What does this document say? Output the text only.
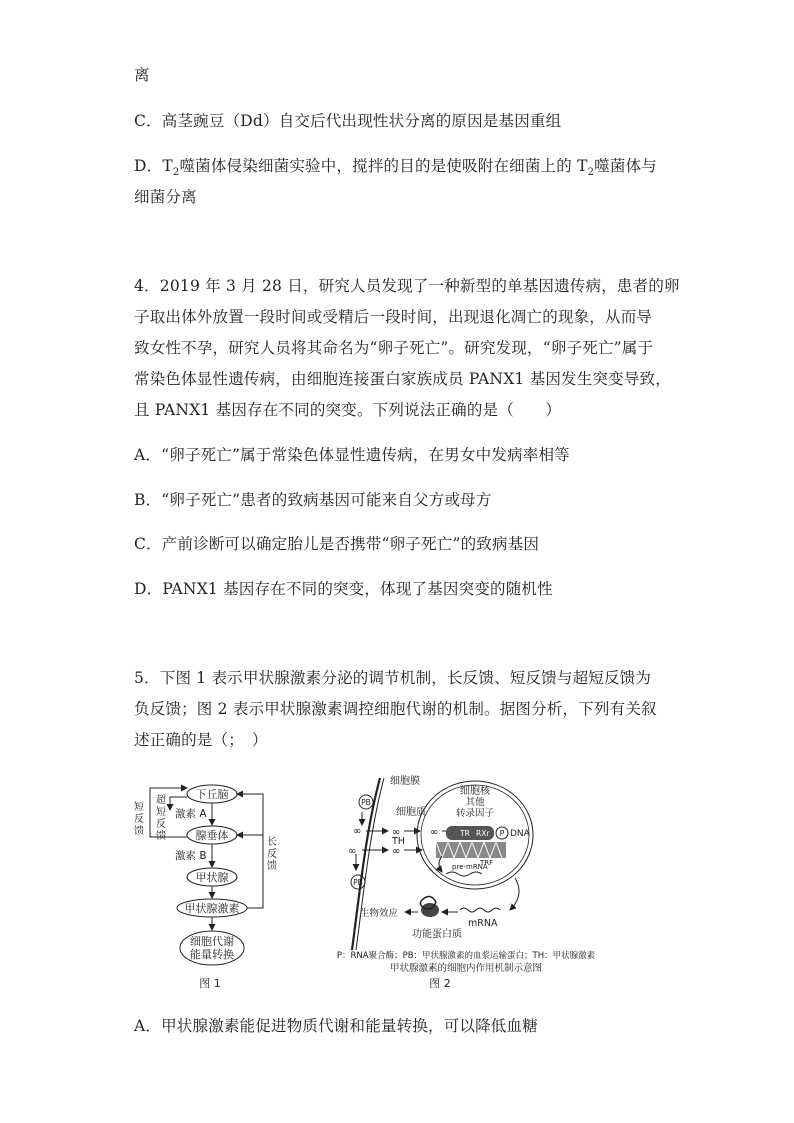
离
C．高茎豌豆（Dd）自交后代出现性状分离的原因是基因重组
D．$T_2$噬菌体侵染细菌实验中，搅拌的目的是使吸附在细菌上的 $T_2$噬菌体与
细菌分离
4．2019 年 3 月 28 日，研究人员发现了一种新型的单基因遗传病，患者的卵
子取出体外放置一段时间或受精后一段时间，出现退化凋亡的现象，从而导
致女性不孕，研究人员将其命名为“卵子死亡”。研究发现，“卵子死亡”属于
常染色体显性遗传病，由细胞连接蛋白家族成员 PANX1 基因发生突变导致，
且 PANX1 基因存在不同的突变。下列说法正确的是（　　）
A．“卵子死亡”属于常染色体显性遗传病，在男女中发病率相等
B．“卵子死亡”患者的致病基因可能来自父方或母方
C．产前诊断可以确定胎儿是否携带“卵子死亡”的致病基因
D．PANX1 基因存在不同的突变，体现了基因突变的随机性
5．下图 1 表示甲状腺激素分泌的调节机制，长反馈、短反馈与超短反馈为
负反馈；图 2 表示甲状腺激素调控细胞代谢的机制。据图分析，下列有关叙
述正确的是（；　）
下丘脑
腺垂体
甲状腺
甲状腺激素
细胞代谢
能量转换
激素 A
激素 B
超
短
反
馈
短
反
馈
长
反
馈
图 1
细胞膜
细胞质
PB
PB
∞	∞
∞	∞
TH
细胞核
其他
转录因子
∞	TR RXr P DNA
TRF
pre-mRNA
mRNA
生物效应
功能蛋白质
P：RNA聚合酶；PB：甲状腺激素的血浆运输蛋白；TH：甲状腺激素
甲状腺激素的细胞内作用机制示意图
图 2
A．甲状腺激素能促进物质代谢和能量转换，可以降低血糖
